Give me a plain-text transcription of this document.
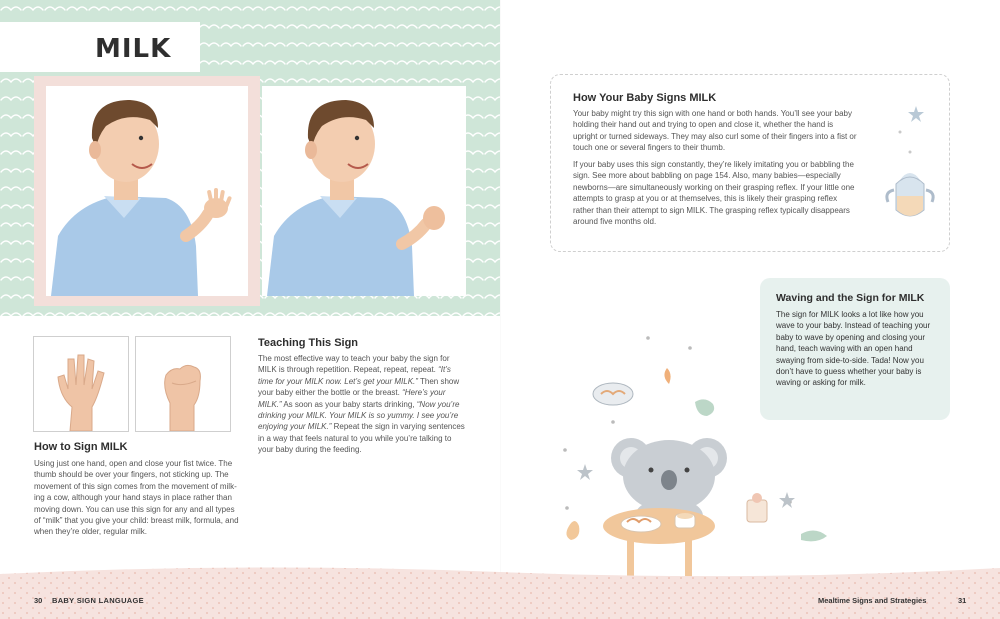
MILK
How to Sign MILK

Using just one hand, open and close your fist twice. The thumb should be over your fingers, not sticking up. The movement of this sign comes from the movement of milk-ing a cow, although your hand stays in place rather than moving down. You can use this sign for any and all types of “milk” that you give your child: breast milk, formula, and when they’re older, regular milk.

Teaching This Sign

The most effective way to teach your baby the sign for MILK is through repetition. Repeat, repeat, repeat. “It’s time for your MILK now. Let’s get your MILK.” Then show your baby either the bottle or the breast. “Here’s your MILK.” As soon as your baby starts drinking, “Now you’re drinking your MILK. Your MILK is so yummy. I see you’re enjoying your MILK.” Repeat the sign in varying sentences in a way that feels natural to you while you’re talking to your baby during the feeding.

How Your Baby Signs MILK

Your baby might try this sign with one hand or both hands. You’ll see your baby holding their hand out and trying to open and close it, whether the hand is upright or turned sideways. They may also curl some of their fingers into a fist or touch one or several fingers to their thumb.

If your baby uses this sign constantly, they’re likely imitating you or babbling the sign. See more about babbling on page 154. Also, many babies—especially newborns—are simultaneously working on their grasping reflex. If your little one attempts to grasp at you or at themselves, this is likely their grasping reflex rather than their attempt to sign MILK. The grasping reflex typically disappears around five months old.

Waving and the Sign for MILK

The sign for MILK looks a lot like how you wave to your baby. Instead of teaching your baby to wave by opening and closing your hand, teach waving with an open hand swaying from side-to-side. Tada! Now you don’t have to guess whether your baby is waving or asking for milk.

30 BABY SIGN LANGUAGE	Mealtime Signs and Strategies	31
